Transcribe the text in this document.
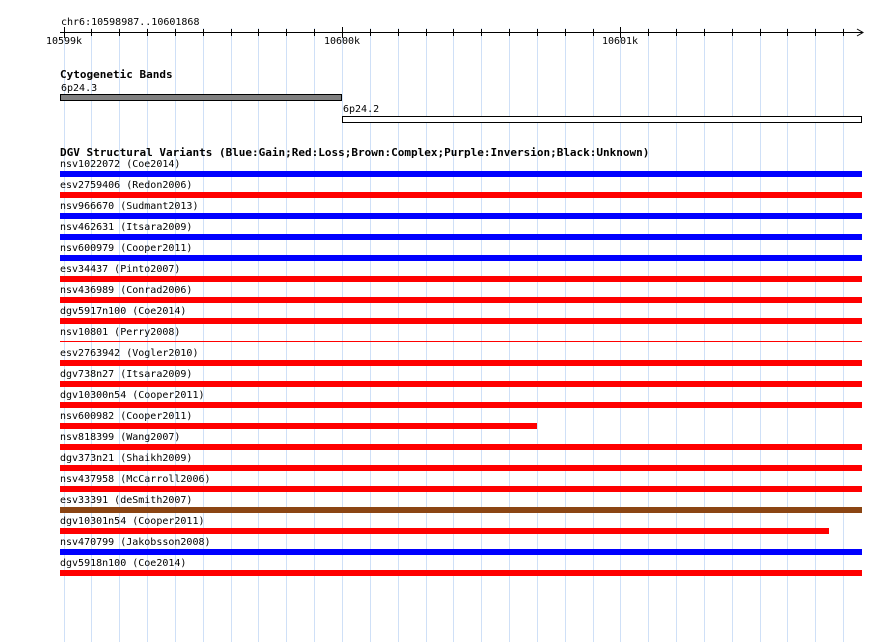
chr6:10598987..10601868
10599k	10600k	10601k
Cytogenetic Bands
6p24.3
6p24.2
DGV Structural Variants (Blue:Gain;Red:Loss;Brown:Complex;Purple:Inversion;Black:Unknown)
nsv1022072 (Coe2014)
esv2759406 (Redon2006)
nsv966670 (Sudmant2013)
nsv462631 (Itsara2009)
nsv600979 (Cooper2011)
esv34437 (Pinto2007)
nsv436989 (Conrad2006)
dgv5917n100 (Coe2014)
nsv10801 (Perry2008)
esv2763942 (Vogler2010)
dgv738n27 (Itsara2009)
dgv10300n54 (Cooper2011)
nsv600982 (Cooper2011)
nsv818399 (Wang2007)
dgv373n21 (Shaikh2009)
nsv437958 (McCarroll2006)
esv33391 (deSmith2007)
dgv10301n54 (Cooper2011)
nsv470799 (Jakobsson2008)
dgv5918n100 (Coe2014)
